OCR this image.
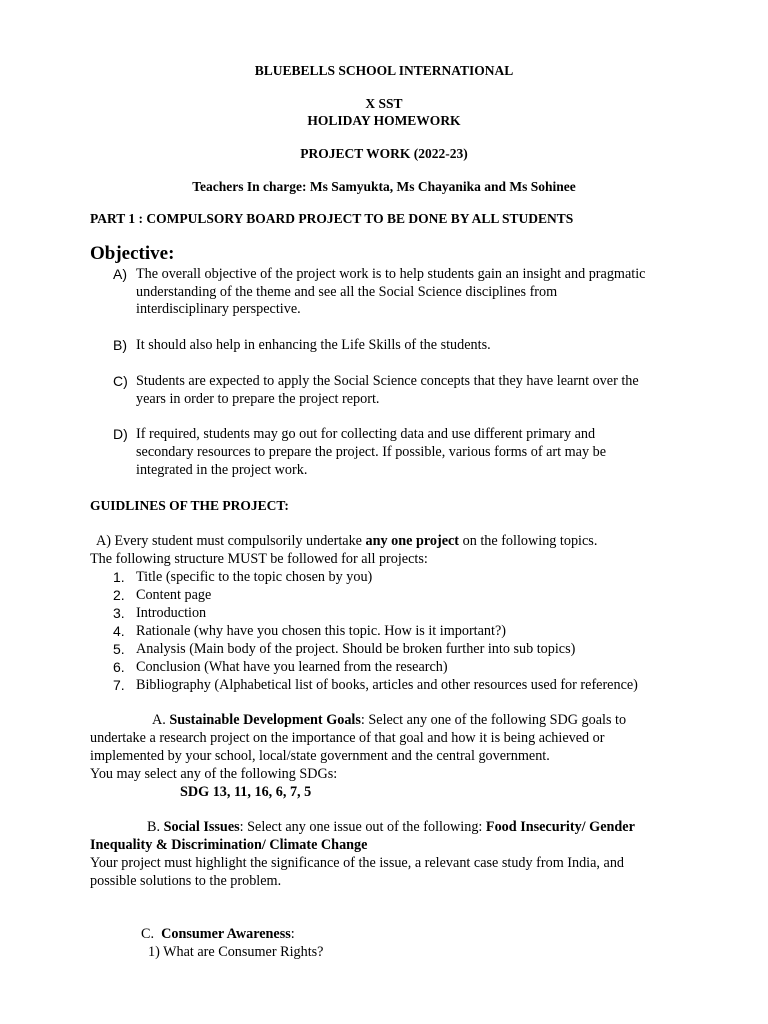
BLUEBELLS SCHOOL INTERNATIONAL
X SST
HOLIDAY HOMEWORK
PROJECT WORK (2022-23)
Teachers In charge: Ms Samyukta, Ms Chayanika and Ms Sohinee
PART 1 : COMPULSORY BOARD PROJECT TO BE DONE BY ALL STUDENTS
Objective:
A) The overall objective of the project work is to help students gain an insight and pragmatic
understanding of the theme and see all the Social Science disciplines from
interdisciplinary perspective.
B) It should also help in enhancing the Life Skills of the students.
C) Students are expected to apply the Social Science concepts that they have learnt over the
years in order to prepare the project report.
D) If required, students may go out for collecting data and use different primary and
secondary resources to prepare the project. If possible, various forms of art may be
integrated in the project work.
GUIDLINES OF THE PROJECT:
A) Every student must compulsorily undertake any one project on the following topics.
The following structure MUST be followed for all projects:
1. Title (specific to the topic chosen by you)
2. Content page
3. Introduction
4. Rationale (why have you chosen this topic. How is it important?)
5. Analysis (Main body of the project. Should be broken further into sub topics)
6. Conclusion (What have you learned from the research)
7. Bibliography (Alphabetical list of books, articles and other resources used for reference)
A. Sustainable Development Goals: Select any one of the following SDG goals to
undertake a research project on the importance of that goal and how it is being achieved or
implemented by your school, local/state government and the central government.
You may select any of the following SDGs:
SDG 13, 11, 16, 6, 7, 5
B. Social Issues: Select any one issue out of the following: Food Insecurity/ Gender
Inequality & Discrimination/ Climate Change
Your project must highlight the significance of the issue, a relevant case study from India, and
possible solutions to the problem.
C. Consumer Awareness:
1) What are Consumer Rights?
